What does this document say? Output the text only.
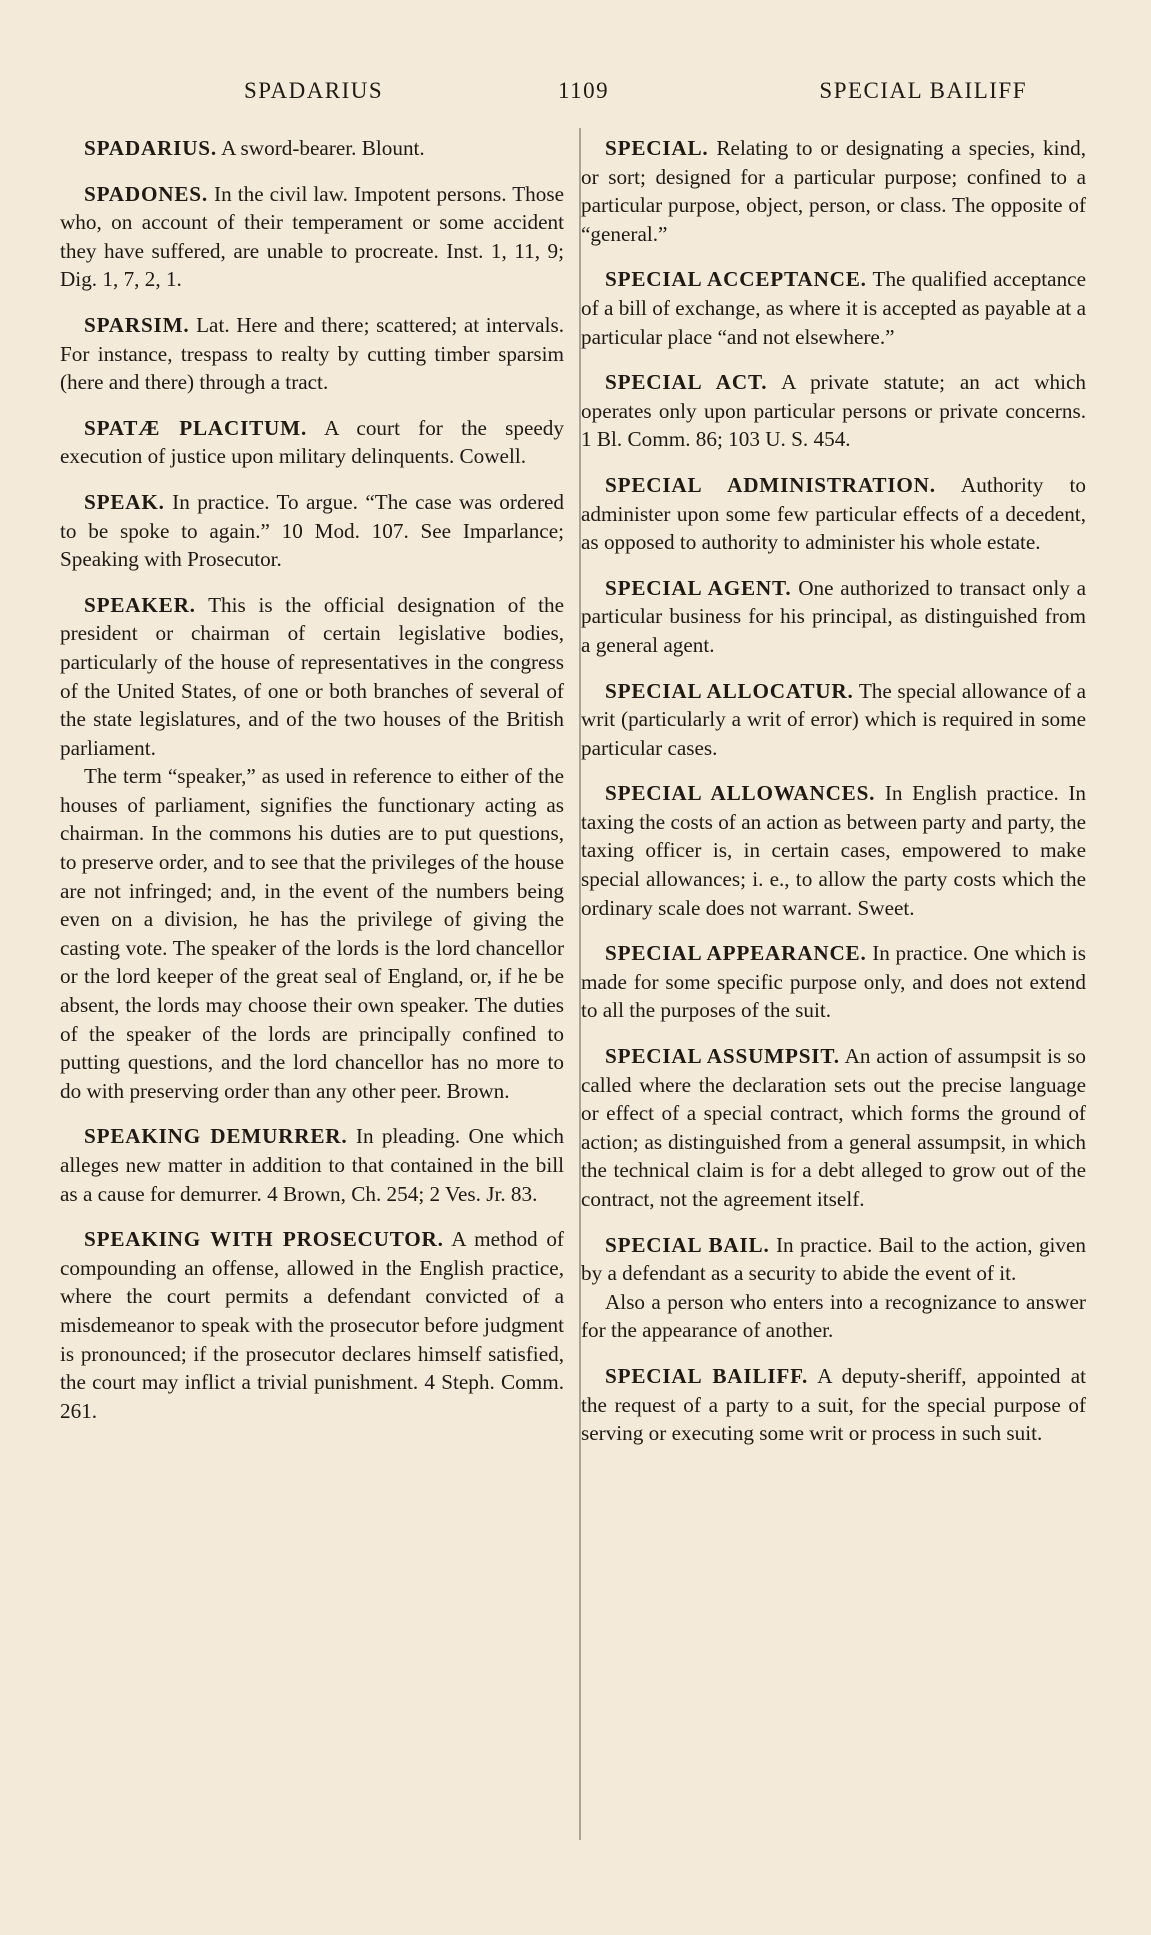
SPADARIUS	1109	SPECIAL BAILIFF

SPADARIUS. A sword-bearer. Blount.

SPADONES. In the civil law. Impotent persons. Those who, on account of their temperament or some accident they have suffered, are unable to procreate. Inst. 1, 11, 9; Dig. 1, 7, 2, 1.

SPARSIM. Lat. Here and there; scattered; at intervals. For instance, trespass to realty by cutting timber sparsim (here and there) through a tract.

SPATÆ PLACITUM. A court for the speedy execution of justice upon military delinquents. Cowell.

SPEAK. In practice. To argue. “The case was ordered to be spoke to again.” 10 Mod. 107. See Imparlance; Speaking with Prosecutor.

SPEAKER. This is the official designation of the president or chairman of certain legislative bodies, particularly of the house of representatives in the congress of the United States, of one or both branches of several of the state legislatures, and of the two houses of the British parliament.

The term “speaker,” as used in reference to either of the houses of parliament, signifies the functionary acting as chairman. In the commons his duties are to put questions, to preserve order, and to see that the privileges of the house are not infringed; and, in the event of the numbers being even on a division, he has the privilege of giving the casting vote. The speaker of the lords is the lord chancellor or the lord keeper of the great seal of England, or, if he be absent, the lords may choose their own speaker. The duties of the speaker of the lords are principally confined to putting questions, and the lord chancellor has no more to do with preserving order than any other peer. Brown.

SPEAKING DEMURRER. In pleading. One which alleges new matter in addition to that contained in the bill as a cause for demurrer. 4 Brown, Ch. 254; 2 Ves. Jr. 83.

SPEAKING WITH PROSECUTOR. A method of compounding an offense, allowed in the English practice, where the court permits a defendant convicted of a misdemeanor to speak with the prosecutor before judgment is pronounced; if the prosecutor declares himself satisfied, the court may inflict a trivial punishment. 4 Steph. Comm. 261.

SPECIAL. Relating to or designating a species, kind, or sort; designed for a particular purpose; confined to a particular purpose, object, person, or class. The opposite of “general.”

SPECIAL ACCEPTANCE. The qualified acceptance of a bill of exchange, as where it is accepted as payable at a particular place “and not elsewhere.”

SPECIAL ACT. A private statute; an act which operates only upon particular persons or private concerns. 1 Bl. Comm. 86; 103 U. S. 454.

SPECIAL ADMINISTRATION. Authority to administer upon some few particular effects of a decedent, as opposed to authority to administer his whole estate.

SPECIAL AGENT. One authorized to transact only a particular business for his principal, as distinguished from a general agent.

SPECIAL ALLOCATUR. The special allowance of a writ (particularly a writ of error) which is required in some particular cases.

SPECIAL ALLOWANCES. In English practice. In taxing the costs of an action as between party and party, the taxing officer is, in certain cases, empowered to make special allowances; i. e., to allow the party costs which the ordinary scale does not warrant. Sweet.

SPECIAL APPEARANCE. In practice. One which is made for some specific purpose only, and does not extend to all the purposes of the suit.

SPECIAL ASSUMPSIT. An action of assumpsit is so called where the declaration sets out the precise language or effect of a special contract, which forms the ground of action; as distinguished from a general assumpsit, in which the technical claim is for a debt alleged to grow out of the contract, not the agreement itself.

SPECIAL BAIL. In practice. Bail to the action, given by a defendant as a security to abide the event of it.

Also a person who enters into a recognizance to answer for the appearance of another.

SPECIAL BAILIFF. A deputy-sheriff, appointed at the request of a party to a suit, for the special purpose of serving or executing some writ or process in such suit.
